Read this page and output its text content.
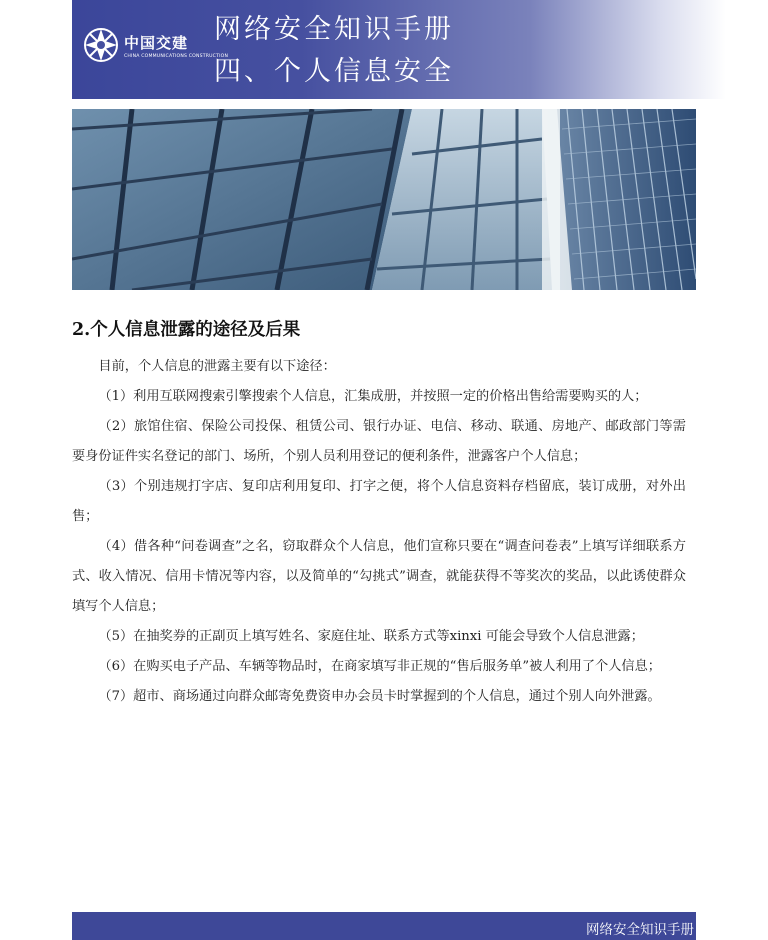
中国交建
CHINA COMMUNICATIONS CONSTRUCTION
网络安全知识手册
四、个人信息安全
2.个人信息泄露的途径及后果

目前，个人信息的泄露主要有以下途径：

（1）利用互联网搜索引擎搜索个人信息，汇集成册，并按照一定的价格出售给需要购买的人；

（2）旅馆住宿、保险公司投保、租赁公司、银行办证、电信、移动、联通、房地产、邮政部门等需要身份证件实名登记的部门、场所，个别人员利用登记的便利条件，泄露客户个人信息；

（3）个别违规打字店、复印店利用复印、打字之便，将个人信息资料存档留底，装订成册，对外出售；

（4）借各种“问卷调查”之名，窃取群众个人信息，他们宣称只要在“调查问卷表”上填写详细联系方式、收入情况、信用卡情况等内容，以及简单的“勾挑式”调查，就能获得不等奖次的奖品，以此诱使群众填写个人信息；

（5）在抽奖券的正副页上填写姓名、家庭住址、联系方式等xinxi 可能会导致个人信息泄露；

（6）在购买电子产品、车辆等物品时，在商家填写非正规的“售后服务单”被人利用了个人信息；

（7）超市、商场通过向群众邮寄免费资申办会员卡时掌握到的个人信息，通过个别人向外泄露。

网络安全知识手册
